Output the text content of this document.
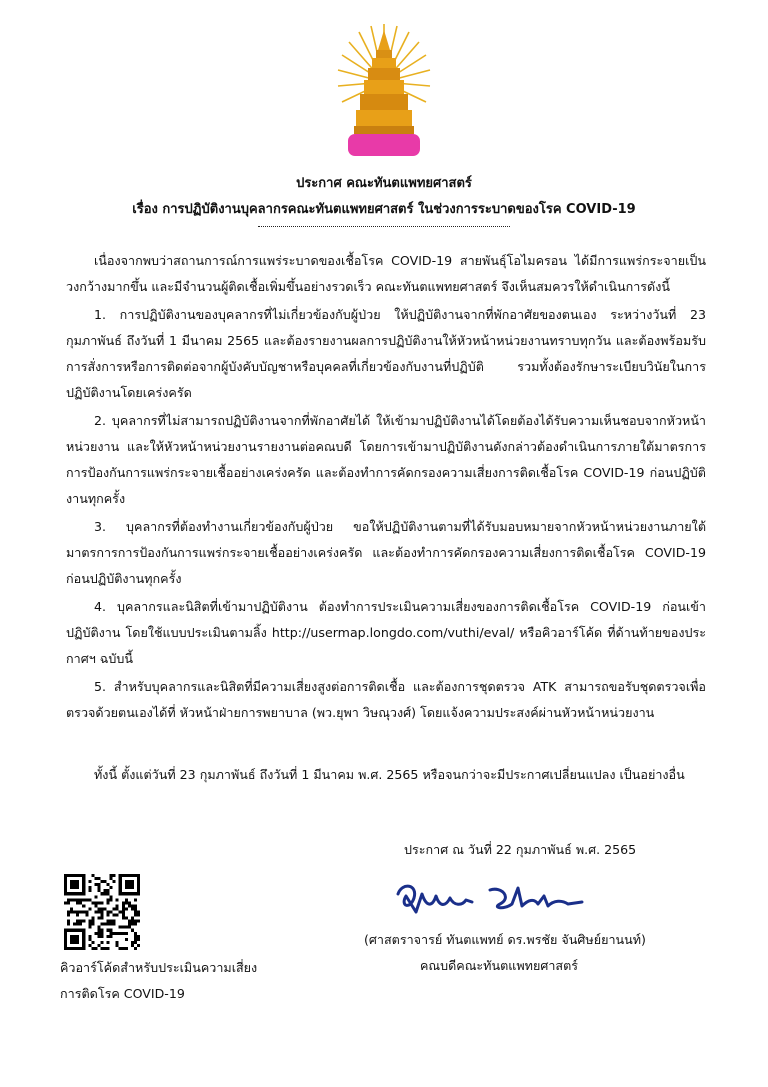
ประกาศ คณะทันตแพทยศาสตร์
เรื่อง การปฏิบัติงานบุคลากรคณะทันตแพทยศาสตร์ ในช่วงการระบาดของโรค COVID-19

เนื่องจากพบว่าสถานการณ์การแพร่ระบาดของเชื้อโรค COVID-19 สายพันธุ์โอไมครอน ได้มีการแพร่กระจายเป็นวงกว้างมากขึ้น และมีจำนวนผู้ติดเชื้อเพิ่มขึ้นอย่างรวดเร็ว คณะทันตแพทยศาสตร์ จึงเห็นสมควรให้ดำเนินการดังนี้

1. การปฏิบัติงานของบุคลากรที่ไม่เกี่ยวข้องกับผู้ป่วย ให้ปฏิบัติงานจากที่พักอาศัยของตนเอง ระหว่างวันที่ 23 กุมภาพันธ์ ถึงวันที่ 1 มีนาคม 2565 และต้องรายงานผลการปฏิบัติงานให้หัวหน้าหน่วยงานทราบทุกวัน และต้องพร้อมรับการสั่งการหรือการติดต่อจากผู้บังคับบัญชาหรือบุคคลที่เกี่ยวข้องกับงานที่ปฏิบัติ รวมทั้งต้องรักษาระเบียบวินัยในการปฏิบัติงานโดยเคร่งครัด

2. บุคลากรที่ไม่สามารถปฏิบัติงานจากที่พักอาศัยได้ ให้เข้ามาปฏิบัติงานได้โดยต้องได้รับความเห็นชอบจากหัวหน้าหน่วยงาน และให้หัวหน้าหน่วยงานรายงานต่อคณบดี โดยการเข้ามาปฏิบัติงานดังกล่าวต้องดำเนินการภายใต้มาตรการการป้องกันการแพร่กระจายเชื้ออย่างเคร่งครัด และต้องทำการคัดกรองความเสี่ยงการติดเชื้อโรค COVID-19 ก่อนปฏิบัติงานทุกครั้ง

3. บุคลากรที่ต้องทำงานเกี่ยวข้องกับผู้ป่วย ขอให้ปฏิบัติงานตามที่ได้รับมอบหมายจากหัวหน้าหน่วยงานภายใต้มาตรการการป้องกันการแพร่กระจายเชื้ออย่างเคร่งครัด และต้องทำการคัดกรองความเสี่ยงการติดเชื้อโรค COVID-19 ก่อนปฏิบัติงานทุกครั้ง

4. บุคลากรและนิสิตที่เข้ามาปฏิบัติงาน ต้องทำการประเมินความเสี่ยงของการติดเชื้อโรค COVID-19 ก่อนเข้าปฏิบัติงาน โดยใช้แบบประเมินตามลิ้ง http://usermap.longdo.com/vuthi/eval/ หรือคิวอาร์โค้ด ที่ด้านท้ายของประกาศฯ ฉบับนี้

5. สำหรับบุคลากรและนิสิตที่มีความเสี่ยงสูงต่อการติดเชื้อ และต้องการชุดตรวจ ATK สามารถขอรับชุดตรวจเพื่อตรวจด้วยตนเองได้ที่ หัวหน้าฝ่ายการพยาบาล (พว.ยุพา วิษณุวงศ์) โดยแจ้งความประสงค์ผ่านหัวหน้าหน่วยงาน

ทั้งนี้ ตั้งแต่วันที่ 23 กุมภาพันธ์ ถึงวันที่ 1 มีนาคม พ.ศ. 2565 หรือจนกว่าจะมีประกาศเปลี่ยนแปลง เป็นอย่างอื่น

ประกาศ ณ วันที่ 22 กุมภาพันธ์ พ.ศ. 2565
(ศาสตราจารย์ ทันตแพทย์ ดร.พรชัย จันศิษย์ยานนท์)
คณบดีคณะทันตแพทยศาสตร์
คิวอาร์โค้ดสำหรับประเมินความเสี่ยง
การติดโรค COVID-19
